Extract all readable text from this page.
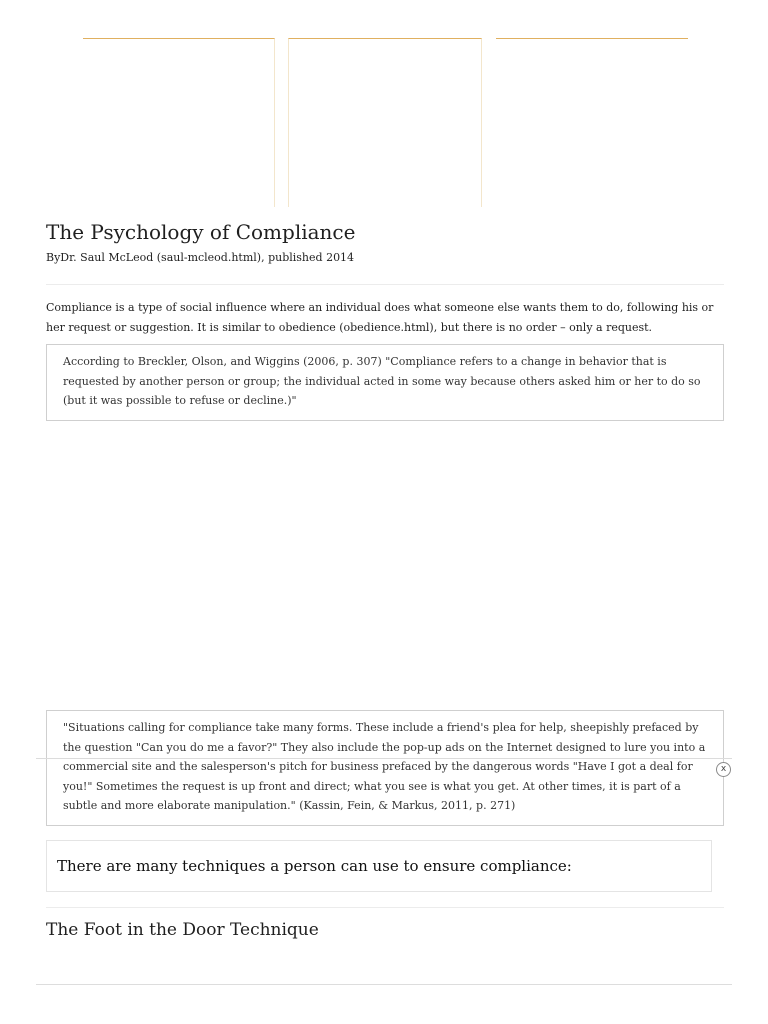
The Psychology of Compliance
ByDr. Saul McLeod (saul-mcleod.html), published 2014

Compliance is a type of social influence where an individual does what someone else wants them to do, following his or her request or suggestion. It is similar to obedience (obedience.html), but there is no order – only a request.

According to Breckler, Olson, and Wiggins (2006, p. 307) "Compliance refers to a change in behavior that is requested by another person or group; the individual acted in some way because others asked him or her to do so (but it was possible to refuse or decline.)"
"Situations calling for compliance take many forms. These include a friend's plea for help, sheepishly prefaced by the question "Can you do me a favor?" They also include the pop-up ads on the Internet designed to lure you into a commercial site and the salesperson's pitch for business prefaced by the dangerous words "Have I got a deal for you!" Sometimes the request is up front and direct; what you see is what you get. At other times, it is part of a subtle and more elaborate manipulation." (Kassin, Fein, & Markus, 2011, p. 271)
x
There are many techniques a person can use to ensure compliance:
The Foot in the Door Technique
